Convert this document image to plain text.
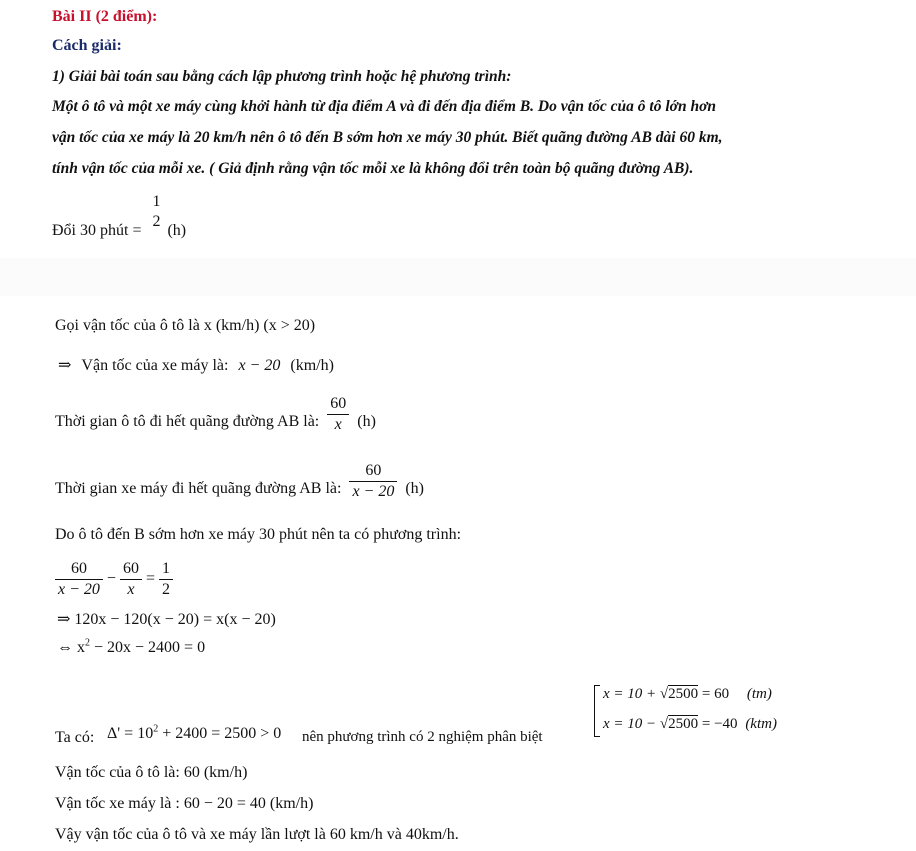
Bài II (2 điểm):
Cách giải:
1) Giải bài toán sau bằng cách lập phương trình hoặc hệ phương trình:
Một ô tô và một xe máy cùng khởi hành từ địa điểm A và đi đến địa điểm B. Do vận tốc của ô tô lớn hơn
vận tốc của xe máy là 20 km/h nên ô tô đến B sớm hơn xe máy 30 phút. Biết quãng đường AB dài 60 km,
tính vận tốc của mỗi xe. ( Giả định rằng vận tốc mỗi xe là không đổi trên toàn bộ quãng đường AB).
Đổi 30 phút =
1
2
(h)
Gọi vận tốc của ô tô là x (km/h) (x > 20)
⇒ Vận tốc của xe máy là: x − 20 (km/h)
Thời gian ô tô đi hết quãng đường AB là: $\frac{60}{x} (h)$
Thời gian xe máy đi hết quãng đường AB là: $\frac{60}{x - 20} (h)$
Do ô tô đến B sớm hơn xe máy 30 phút nên ta có phương trình:
$\frac{60}{x - 20} - \frac{60}{x} = \frac{1}{2}$
⇒ 120x − 120(x − 20) = x(x − 20)
⇔ $x^2 - 20x - 2400 = 0$
Ta có: $\Delta' = 10^2 + 2400 = 2500 > 0$ nên phương trình có 2 nghiệm phân biệt
x = 10 + √2500 = 60 (tm)
x = 10 − √2500 = −40 (ktm)
Vận tốc của ô tô là: 60 (km/h)
Vận tốc xe máy là : 60 − 20 = 40 (km/h)
Vậy vận tốc của ô tô và xe máy lần lượt là 60 km/h và 40km/h.
